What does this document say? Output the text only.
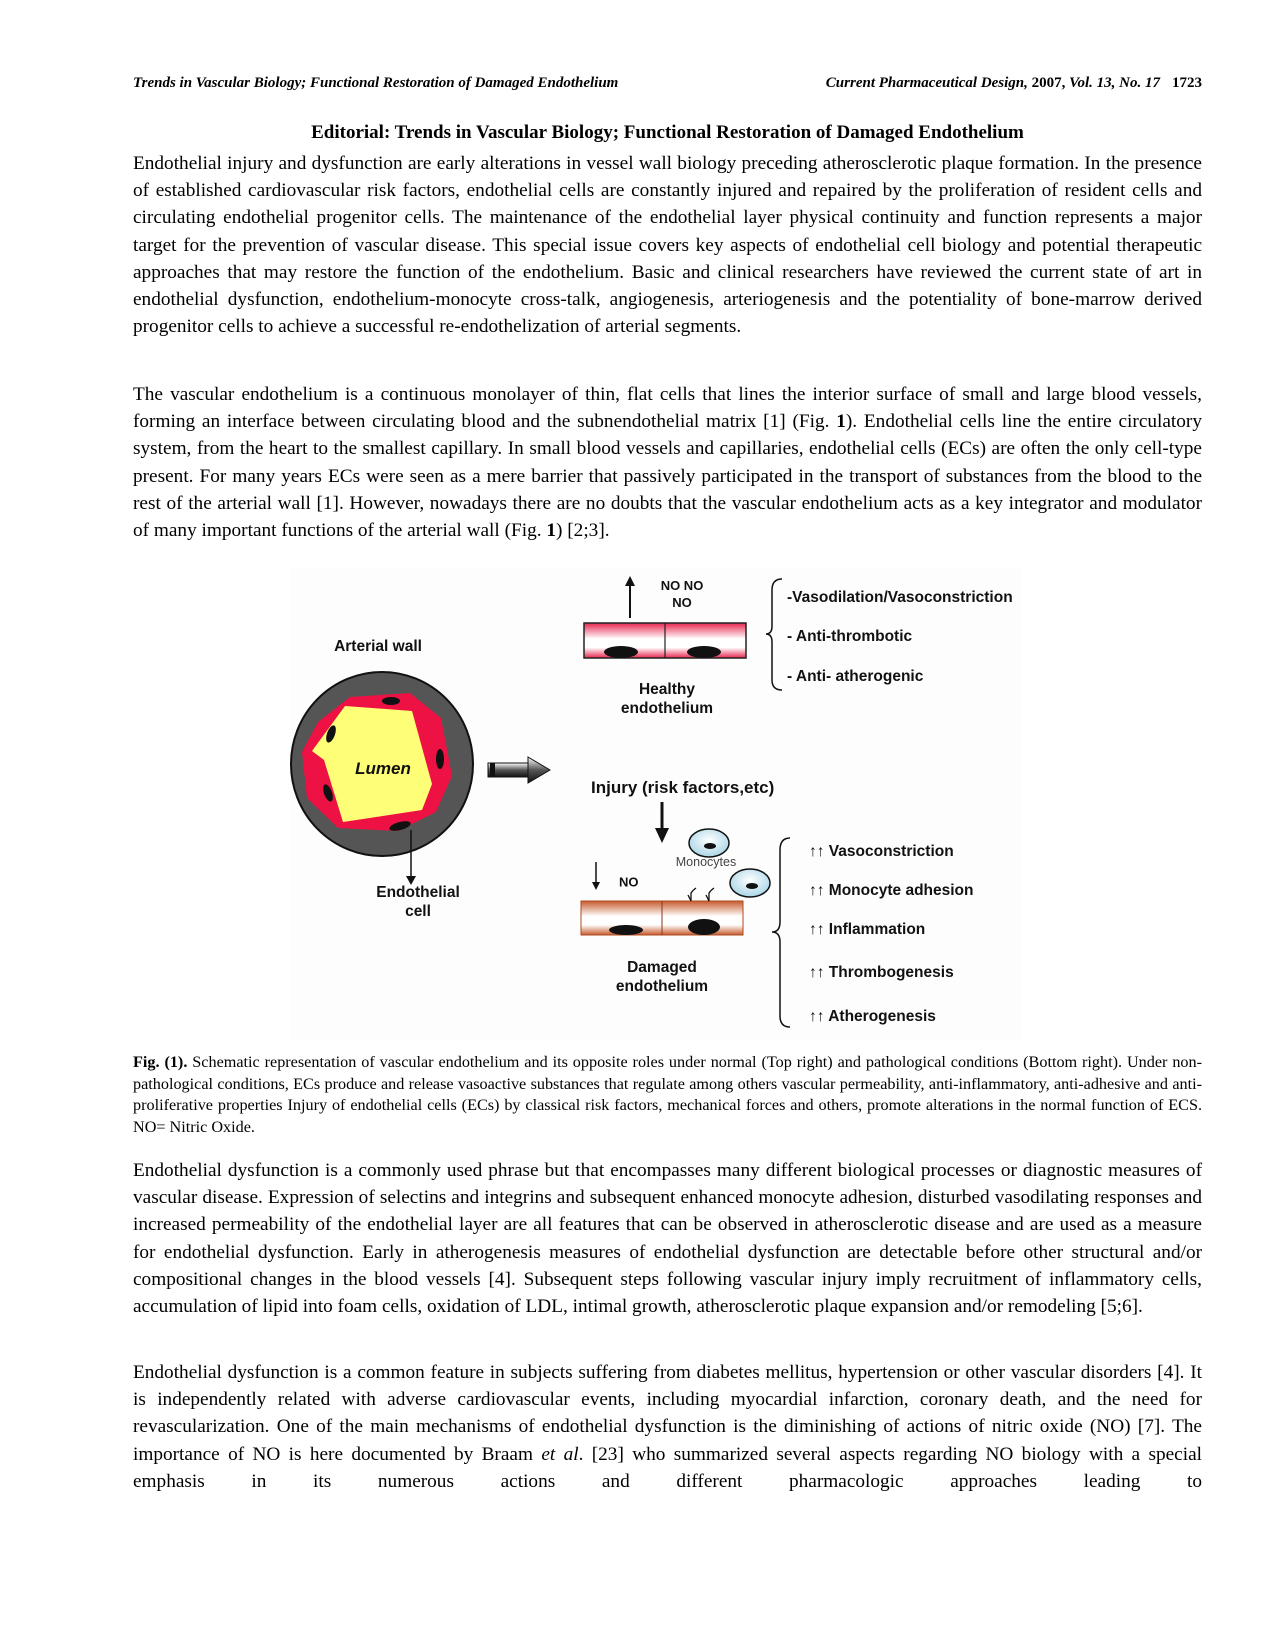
Trends in Vascular Biology; Functional Restoration of Damaged Endothelium	Current Pharmaceutical Design, 2007, Vol. 13, No. 17 1723
Editorial: Trends in Vascular Biology; Functional Restoration of Damaged Endothelium

Endothelial injury and dysfunction are early alterations in vessel wall biology preceding atherosclerotic plaque formation. In the presence of established cardiovascular risk factors, endothelial cells are constantly injured and repaired by the proliferation of resident cells and circulating endothelial progenitor cells. The maintenance of the endothelial layer physical continuity and function represents a major target for the prevention of vascular disease. This special issue covers key aspects of endothelial cell biology and potential therapeutic approaches that may restore the function of the endothelium. Basic and clinical researchers have reviewed the current state of art in endothelial dysfunction, endothelium-monocyte cross-talk, angiogenesis, arteriogenesis and the potentiality of bone-marrow derived progenitor cells to achieve a successful re-endothelization of arterial segments.

The vascular endothelium is a continuous monolayer of thin, flat cells that lines the interior surface of small and large blood vessels, forming an interface between circulating blood and the subnendothelial matrix [1] (Fig. 1). Endothelial cells line the entire circulatory system, from the heart to the smallest capillary. In small blood vessels and capillaries, endothelial cells (ECs) are often the only cell-type present. For many years ECs were seen as a mere barrier that passively participated in the transport of substances from the blood to the rest of the arterial wall [1]. However, nowadays there are no doubts that the vascular endothelium acts as a key integrator and modulator of many important functions of the arterial wall (Fig. 1) [2;3].

Arterial wall
Lumen
Endothelial
cell
NO NO
NO
Healthy
endothelium
-Vasodilation/Vasoconstriction
- Anti-thrombotic
- Anti- atherogenic
Injury (risk factors,etc)
Monocytes
NO
Damaged
endothelium
↑↑ Vasoconstriction
↑↑ Monocyte adhesion
↑↑ Inflammation
↑↑ Thrombogenesis
↑↑ Atherogenesis

Fig. (1). Schematic representation of vascular endothelium and its opposite roles under normal (Top right) and pathological conditions (Bottom right). Under non-pathological conditions, ECs produce and release vasoactive substances that regulate among others vascular permeability, anti-inflammatory, anti-adhesive and anti-proliferative properties Injury of endothelial cells (ECs) by classical risk factors, mechanical forces and others, promote alterations in the normal function of ECS. NO= Nitric Oxide.

Endothelial dysfunction is a commonly used phrase but that encompasses many different biological processes or diagnostic measures of vascular disease. Expression of selectins and integrins and subsequent enhanced monocyte adhesion, disturbed vasodilating responses and increased permeability of the endothelial layer are all features that can be observed in atherosclerotic disease and are used as a measure for endothelial dysfunction. Early in atherogenesis measures of endothelial dysfunction are detectable before other structural and/or compositional changes in the blood vessels [4]. Subsequent steps following vascular injury imply recruitment of inflammatory cells, accumulation of lipid into foam cells, oxidation of LDL, intimal growth, atherosclerotic plaque expansion and/or remodeling [5;6].

Endothelial dysfunction is a common feature in subjects suffering from diabetes mellitus, hypertension or other vascular disorders [4]. It is independently related with adverse cardiovascular events, including myocardial infarction, coronary death, and the need for revascularization. One of the main mechanisms of endothelial dysfunction is the diminishing of actions of nitric oxide (NO) [7]. The importance of NO is here documented by Braam et al. [23] who summarized several aspects regarding NO biology with a special emphasis in its numerous actions and different pharmacologic approaches leading to
